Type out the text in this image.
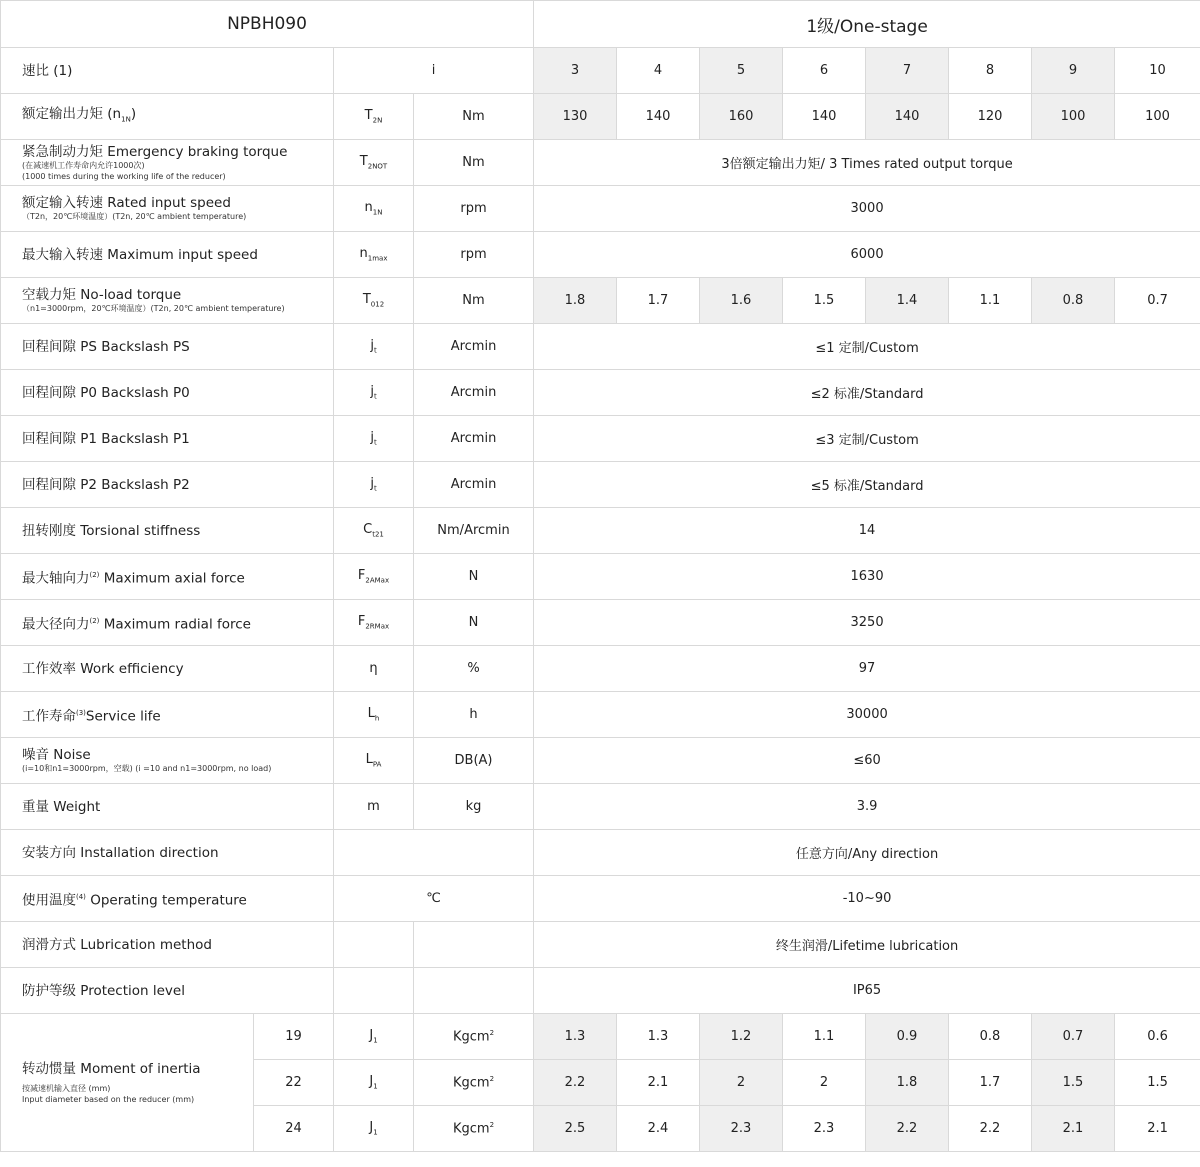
NPBH090				1级/One-stage							

速比 (1)		i		3	4	5	6	7	8	9	10

额定输出力矩 $(n_{1N})$		$T_{2N}$	Nm	130	140	160	140	140	120	100	100

紧急制动力矩 Emergency braking torque
(在减速机工作寿命内允许1000次)
(1000 times during the working life of the reducer)		$T_{2NOT}$	Nm	3倍额定输出力矩/ 3 Times rated output torque							

额定输入转速 Rated input speed
（T2n，20℃环境温度）(T2n, 20℃ ambient temperature)		$n_{1N}$	rpm	3000							

最大输入转速 Maximum input speed		$n_{1max}$	rpm	6000							

空载力矩 No-load torque
（n1=3000rpm，20℃环境温度）(T2n, 20℃ ambient temperature)		$T_{012}$	Nm	1.8	1.7	1.6	1.5	1.4	1.1	0.8	0.7

回程间隙 PS Backslash PS		$j_t$	Arcmin	≤1 定制/Custom							

回程间隙 P0 Backslash P0		$j_t$	Arcmin	≤2 标准/Standard							

回程间隙 P1 Backslash P1		$j_t$	Arcmin	≤3 定制/Custom							

回程间隙 P2 Backslash P2		$j_t$	Arcmin	≤5 标准/Standard							

扭转刚度 Torsional stiffness		$C_{t21}$	Nm/Arcmin	14							

最大轴向力$^{(2)}$ Maximum axial force		$F_{2AMax}$	N	1630							

最大径向力$^{(2)}$ Maximum radial force		$F_{2RMax}$	N	3250							

工作效率 Work efficiency		η	%	97							

工作寿命$^{(3)}$Service life		$L_h$	h	30000							

噪音 Noise
(i=10和n1=3000rpm，空载) (i =10 and n1=3000rpm, no load)		$L_{PA}$	DB(A)	≤60							

重量 Weight		m	kg	3.9							

安装方向 Installation direction				任意方向/Any direction							

使用温度$^{(4)}$ Operating temperature		℃		-10~90							

润滑方式 Lubrication method				终生润滑/Lifetime lubrication							

防护等级 Protection level				IP65							

转动惯量 Moment of inertia
按减速机输入直径 (mm)
Input diameter based on the reducer (mm)	19	$J_1$	Kgcm$^2$	1.3	1.3	1.2	1.1	0.9	0.8	0.7	0.6
	22	$J_1$	Kgcm$^2$	2.2	2.1	2	2	1.8	1.7	1.5	1.5
	24	$J_1$	Kgcm$^2$	2.5	2.4	2.3	2.3	2.2	2.2	2.1	2.1
